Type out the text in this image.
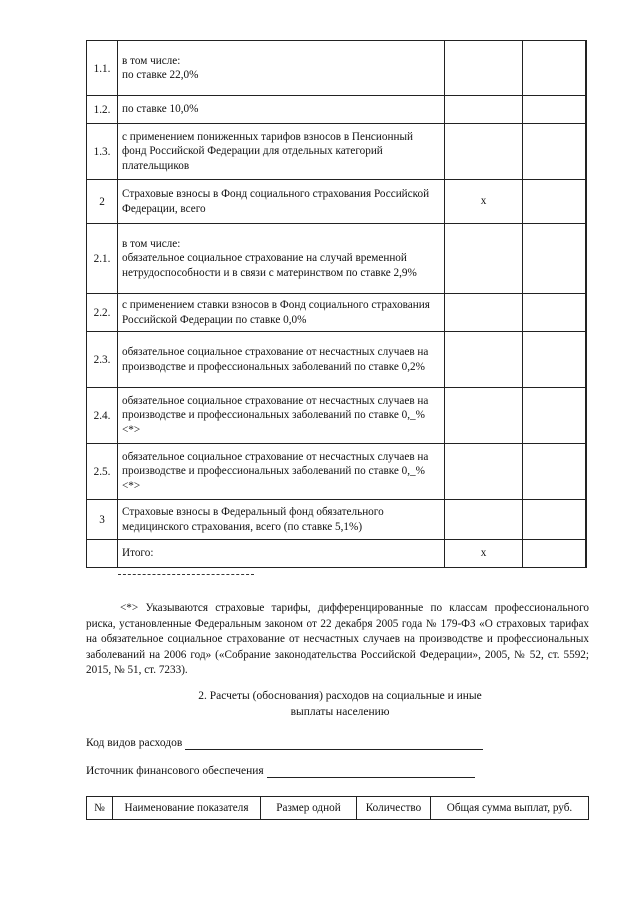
1.1.	в том числе:
по ставке 22,0%			
1.2.	по ставке 10,0%			
1.3.	с применением пониженных тарифов взносов в Пенсионный фонд Российской Федерации для отдельных категорий плательщиков			
2	Страховые взносы в Фонд социального страхования Российской Федерации, всего	x		
2.1.	в том числе:
обязательное социальное страхование на случай временной нетрудоспособности и в связи с материнством по ставке 2,9%			
2.2.	с применением ставки взносов в Фонд социального страхования Российской Федерации по ставке 0,0%			
2.3.	обязательное социальное страхование от несчастных случаев на производстве и профессиональных заболеваний по ставке 0,2%			
2.4.	обязательное социальное страхование от несчастных случаев на производстве и профессиональных заболеваний по ставке 0,_% <*>			
2.5.	обязательное социальное страхование от несчастных случаев на производстве и профессиональных заболеваний по ставке 0,_% <*>			
3	Страховые взносы в Федеральный фонд обязательного медицинского страхования, всего (по ставке 5,1%)			
	Итого:	x		
<*> Указываются страховые тарифы, дифференцированные по классам профессионального риска, установленные Федеральным законом от 22 декабря 2005 года № 179-ФЗ «О страховых тарифах на обязательное социальное страхование от несчастных случаев на производстве и профессиональных заболеваний на 2006 год» («Собрание законодательства Российской Федерации», 2005, № 52, ст. 5592; 2015, № 51, ст. 7233).
2. Расчеты (обоснования) расходов на социальные и иные
выплаты населению
Код видов расходов
Источник финансового обеспечения
№	Наименование показателя	Размер одной	Количество	Общая сумма выплат, руб.
